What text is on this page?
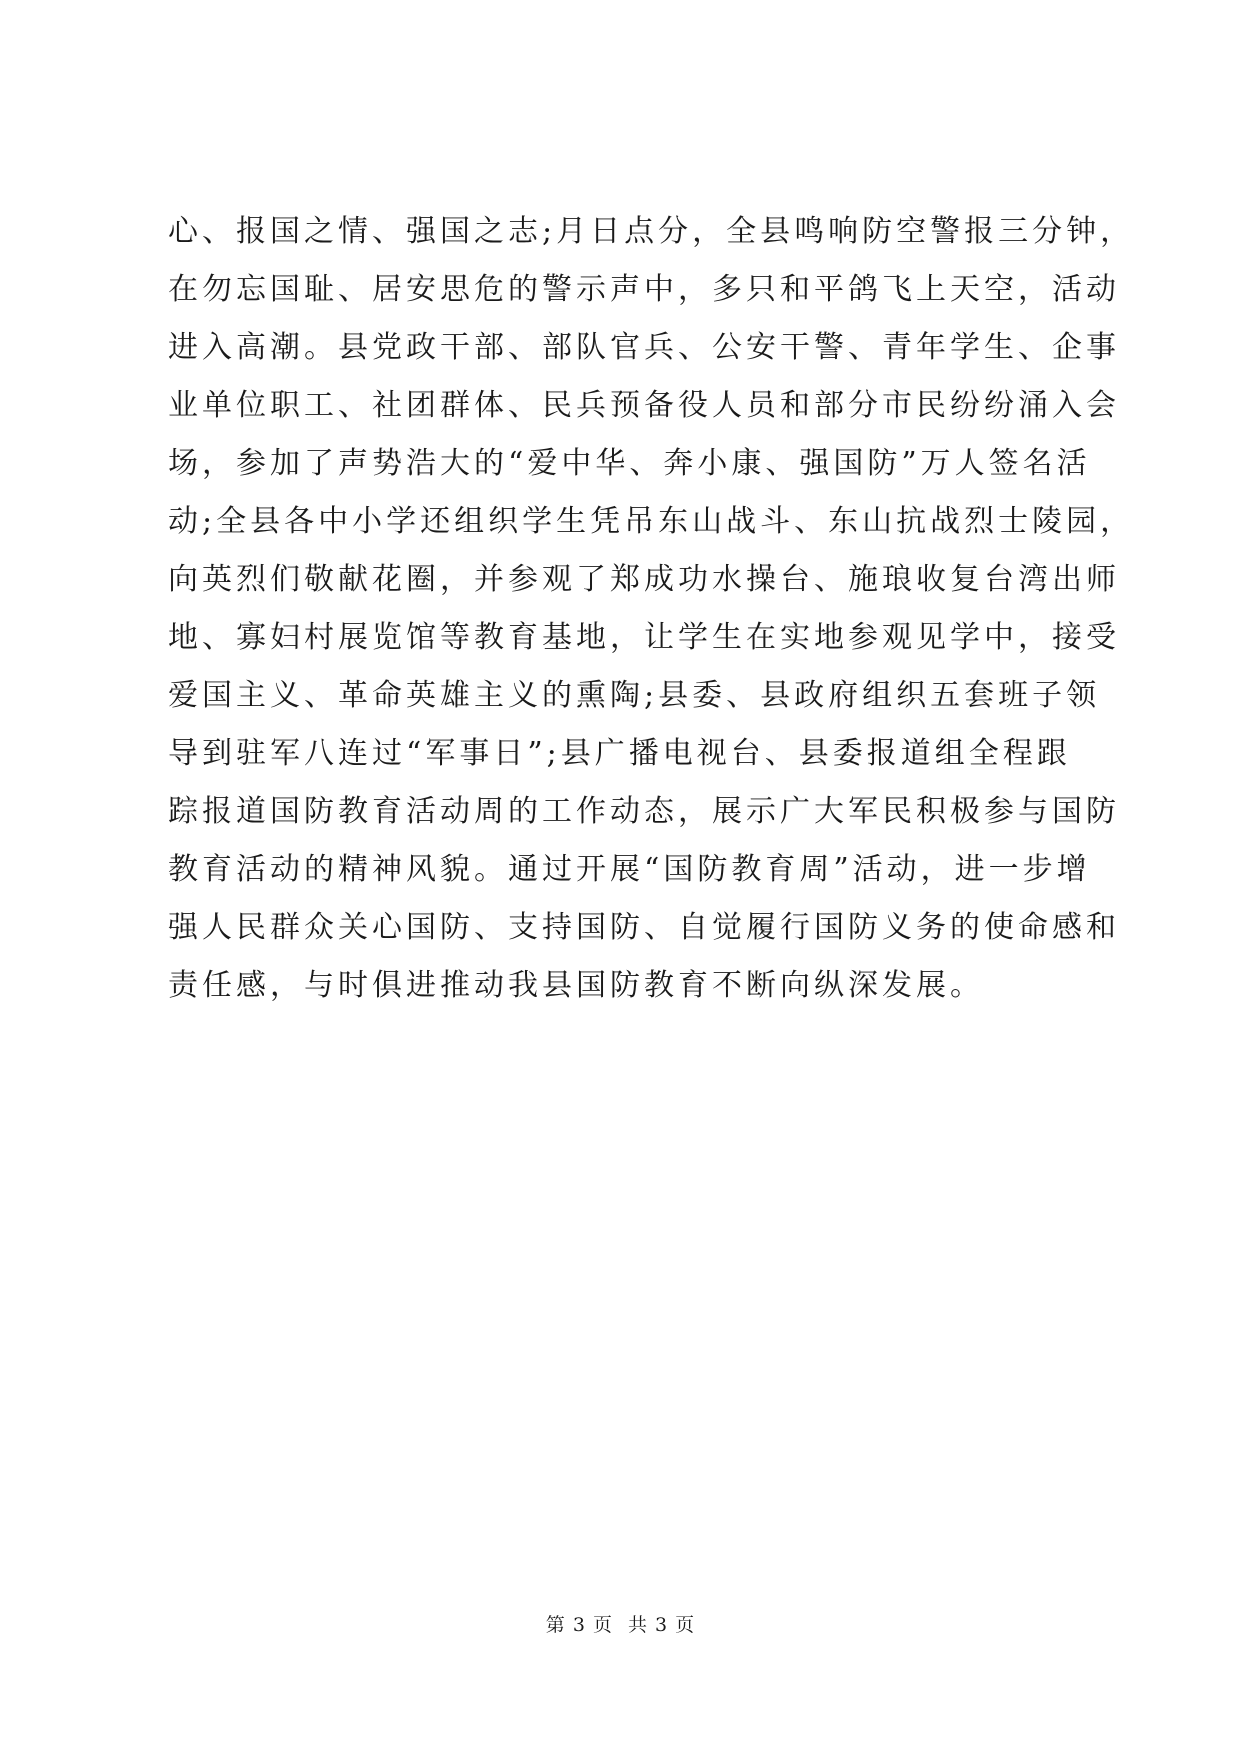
心、报国之情、强国之志;月日点分，全县鸣响防空警报三分钟，
在勿忘国耻、居安思危的警示声中，多只和平鸽飞上天空，活动
进入高潮。县党政干部、部队官兵、公安干警、青年学生、企事
业单位职工、社团群体、民兵预备役人员和部分市民纷纷涌入会
场，参加了声势浩大的“爱中华、奔小康、强国防”万人签名活
动;全县各中小学还组织学生凭吊东山战斗、东山抗战烈士陵园，
向英烈们敬献花圈，并参观了郑成功水操台、施琅收复台湾出师
地、寡妇村展览馆等教育基地，让学生在实地参观见学中，接受
爱国主义、革命英雄主义的熏陶;县委、县政府组织五套班子领
导到驻军八连过“军事日”;县广播电视台、县委报道组全程跟
踪报道国防教育活动周的工作动态，展示广大军民积极参与国防
教育活动的精神风貌。通过开展“国防教育周”活动，进一步增
强人民群众关心国防、支持国防、自觉履行国防义务的使命感和
责任感，与时俱进推动我县国防教育不断向纵深发展。
第 3 页 共 3 页
